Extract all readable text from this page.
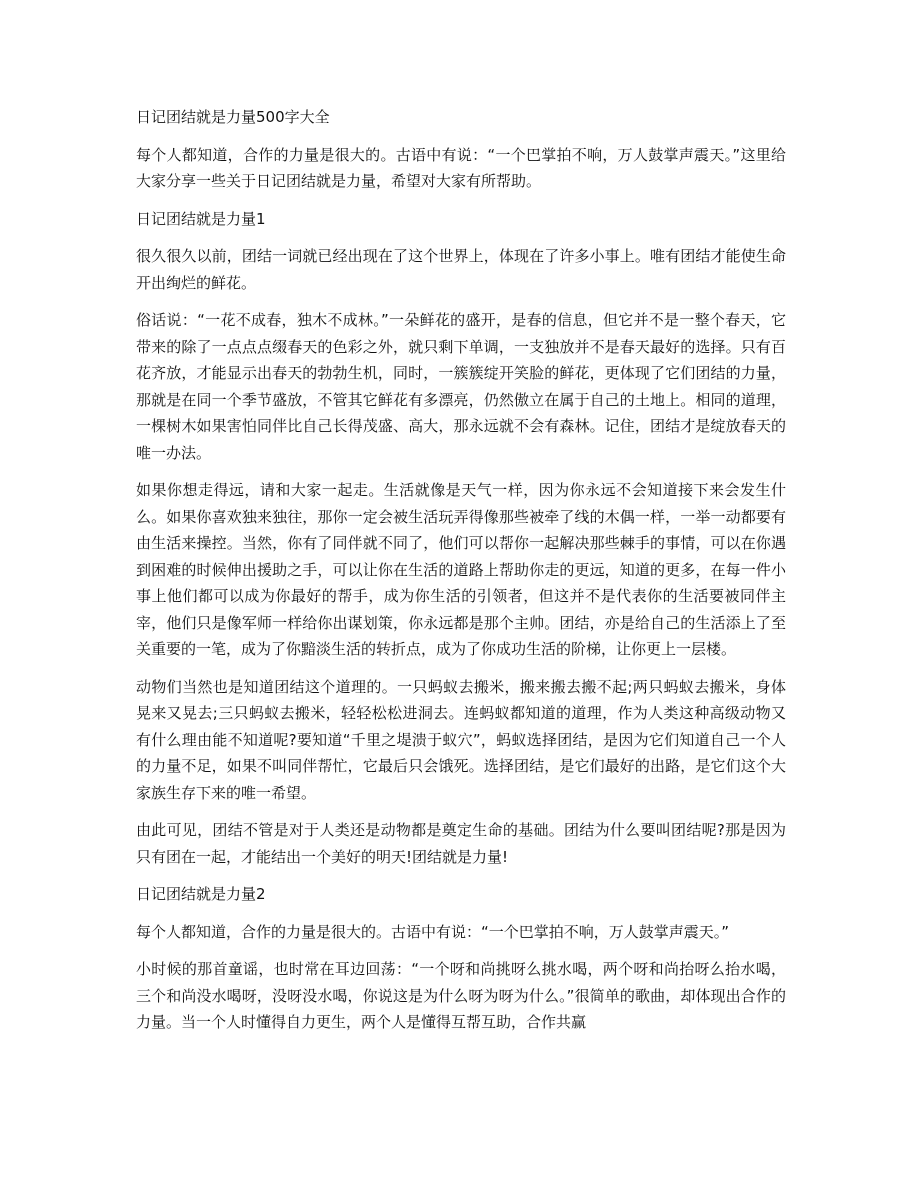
日记团结就是力量500字大全
每个人都知道，合作的力量是很大的。古语中有说：“一个巴掌拍不响，万人鼓掌声震天。”这里给大家分享一些关于日记团结就是力量，希望对大家有所帮助。
日记团结就是力量1
很久很久以前，团结一词就已经出现在了这个世界上，体现在了许多小事上。唯有团结才能使生命开出绚烂的鲜花。
俗话说：“一花不成春，独木不成林。”一朵鲜花的盛开，是春的信息，但它并不是一整个春天，它带来的除了一点点点缀春天的色彩之外，就只剩下单调，一支独放并不是春天最好的选择。只有百花齐放，才能显示出春天的勃勃生机，同时，一簇簇绽开笑脸的鲜花，更体现了它们团结的力量，那就是在同一个季节盛放，不管其它鲜花有多漂亮，仍然傲立在属于自己的土地上。相同的道理，一棵树木如果害怕同伴比自己长得茂盛、高大，那永远就不会有森林。记住，团结才是绽放春天的唯一办法。
如果你想走得远，请和大家一起走。生活就像是天气一样，因为你永远不会知道接下来会发生什么。如果你喜欢独来独往，那你一定会被生活玩弄得像那些被牵了线的木偶一样，一举一动都要有由生活来操控。当然，你有了同伴就不同了，他们可以帮你一起解决那些棘手的事情，可以在你遇到困难的时候伸出援助之手，可以让你在生活的道路上帮助你走的更远，知道的更多，在每一件小事上他们都可以成为你最好的帮手，成为你生活的引领者，但这并不是代表你的生活要被同伴主宰，他们只是像军师一样给你出谋划策，你永远都是那个主帅。团结，亦是给自己的生活添上了至关重要的一笔，成为了你黯淡生活的转折点，成为了你成功生活的阶梯，让你更上一层楼。
动物们当然也是知道团结这个道理的。一只蚂蚁去搬米，搬来搬去搬不起;两只蚂蚁去搬米，身体晃来又晃去;三只蚂蚁去搬米，轻轻松松进洞去。连蚂蚁都知道的道理，作为人类这种高级动物又有什么理由能不知道呢?要知道“千里之堤溃于蚁穴”，蚂蚁选择团结，是因为它们知道自己一个人的力量不足，如果不叫同伴帮忙，它最后只会饿死。选择团结，是它们最好的出路，是它们这个大家族生存下来的唯一希望。
由此可见，团结不管是对于人类还是动物都是奠定生命的基础。团结为什么要叫团结呢?那是因为只有团在一起，才能结出一个美好的明天!团结就是力量!
日记团结就是力量2
每个人都知道，合作的力量是很大的。古语中有说：“一个巴掌拍不响，万人鼓掌声震天。”
小时候的那首童谣，也时常在耳边回荡：“一个呀和尚挑呀么挑水喝，两个呀和尚抬呀么抬水喝，三个和尚没水喝呀，没呀没水喝，你说这是为什么呀为呀为什么。”很简单的歌曲，却体现出合作的力量。当一个人时懂得自力更生，两个人是懂得互帮互助，合作共赢
